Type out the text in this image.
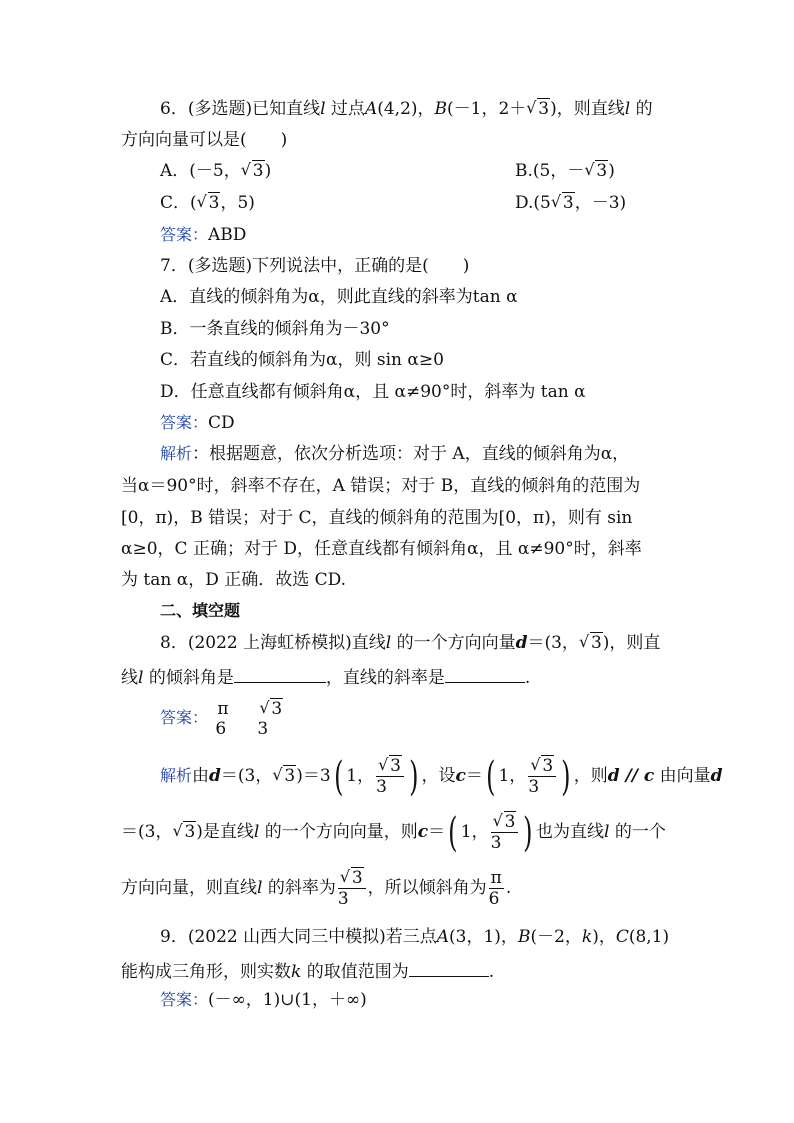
6．(多选题)已知直线l 过点A(4,2)，B(－1，2＋ √ 3)，则直线l 的
方向向量可以是(　　)
A．(－5， √ 3)	B.(5，－ √ 3)
C．( √ 3，5)	D.(5 √ 3，－3)
答案：ABD
7．(多选题)下列说法中，正确的是(　　)
A．直线的倾斜角为α，则此直线的斜率为tan α
B．一条直线的倾斜角为－30°
C．若直线的倾斜角为α，则 sin α≥0
D．任意直线都有倾斜角α，且 α≠90°时，斜率为 tan α
答案：CD
解析：根据题意，依次分析选项：对于 A，直线的倾斜角为α，
当α＝90°时，斜率不存在，A 错误；对于 B，直线的倾斜角的范围为
[0，π)，B 错误；对于 C，直线的倾斜角的范围为[0，π)，则有 sin
α≥0，C 正确；对于 D，任意直线都有倾斜角α，且 α≠90°时，斜率
为 tan α，D 正确．故选 CD.
二、填空题
8．(2022 上海虹桥模拟)直线l 的一个方向向量d＝(3， √ 3)，则直
线l 的倾斜角是	，直线的斜率是	.
答案： π
6

√ 3
3
解析由d＝(3， √ 3)＝3( 1， √ $\frac{3}{3}$ ) ，设c＝( 1， √ $\frac{3}{3}$ ) ，则d // c 由向量d
＝(3， √ 3)是直线l 的一个方向向量，则c＝( 1， √ $\frac{3}{3}$ ) 也为直线l 的一个
方向向量，则直线l 的斜率为 √ $\frac{3}{3}$ ，所以倾斜角为 $\frac{\pi}{6}$ .
9．(2022 山西大同三中模拟)若三点A(3，1)，B(－2，k)，C(8,1)
能构成三角形，则实数k 的取值范围为	.
答案：(－∞，1)∪(1，＋∞)
